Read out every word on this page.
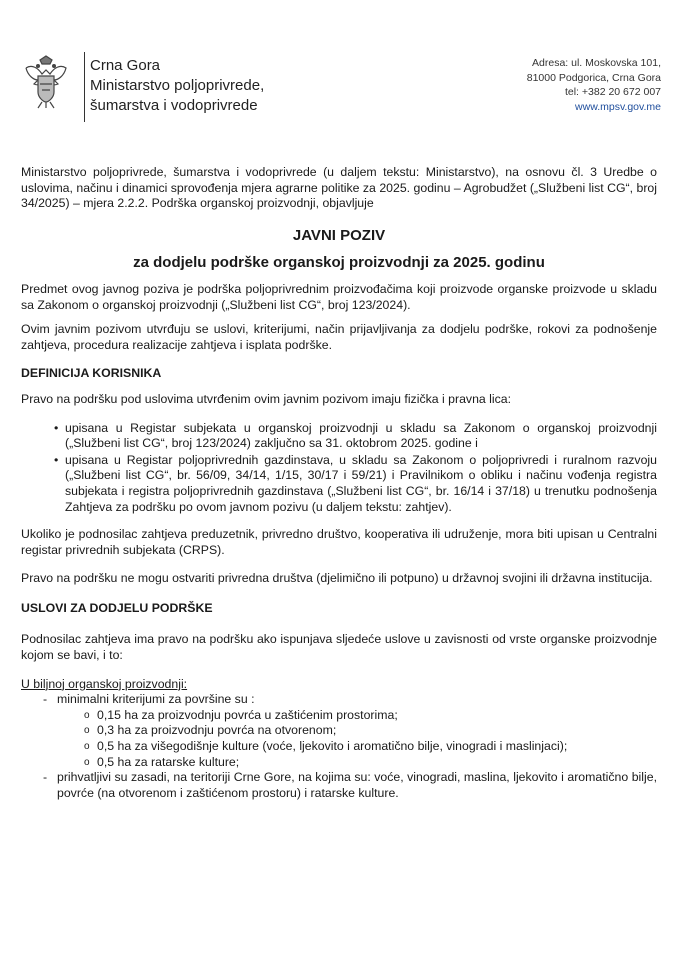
Crna Gora
Ministarstvo poljoprivrede,
šumarstva i vodoprivrede
Adresa: ul. Moskovska 101,
81000 Podgorica, Crna Gora
tel: +382 20 672 007
www.mpsv.gov.me

Ministarstvo poljoprivrede, šumarstva i vodoprivrede (u daljem tekstu: Ministarstvo), na osnovu čl. 3 Uredbe o uslovima, načinu i dinamici sprovođenja mjera agrarne politike za 2025. godinu – Agrobudžet („Službeni list CG“, broj 34/2025) – mjera 2.2.2. Podrška organskoj proizvodnji, objavljuje

JAVNI POZIV
za dodjelu podrške organskoj proizvodnji za 2025. godinu

Predmet ovog javnog poziva je podrška poljoprivrednim proizvođačima koji proizvode organske proizvode u skladu sa Zakonom o organskoj proizvodnji („Službeni list CG“, broj 123/2024).

Ovim javnim pozivom utvrđuju se uslovi, kriterijumi, način prijavljivanja za dodjelu podrške, rokovi za podnošenje zahtjeva, procedura realizacije zahtjeva i isplata podrške.

DEFINICIJA KORISNIKA

Pravo na podršku pod uslovima utvrđenim ovim javnim pozivom imaju fizička i pravna lica:

• upisana u Registar subjekata u organskoj proizvodnji u skladu sa Zakonom o organskoj proizvodnji („Službeni list CG“, broj 123/2024) zaključno sa 31. oktobrom 2025. godine i
• upisana u Registar poljoprivrednih gazdinstava, u skladu sa Zakonom o poljoprivredi i ruralnom razvoju („Službeni list CG“, br. 56/09, 34/14, 1/15, 30/17 i 59/21) i Pravilnikom o obliku i načinu vođenja registra subjekata i registra poljoprivrednih gazdinstava („Službeni list CG“, br. 16/14 i 37/18) u trenutku podnošenja Zahtjeva za podršku po ovom javnom pozivu (u daljem tekstu: zahtjev).

Ukoliko je podnosilac zahtjeva preduzetnik, privredno društvo, kooperativa ili udruženje, mora biti upisan u Centralni registar privrednih subjekata (CRPS).

Pravo na podršku ne mogu ostvariti privredna društva (djelimično ili potpuno) u državnoj svojini ili državna institucija.

USLOVI ZA DODJELU PODRŠKE

Podnosilac zahtjeva ima pravo na podršku ako ispunjava sljedeće uslove u zavisnosti od vrste organske proizvodnje kojom se bavi, i to:

U biljnoj organskoj proizvodnji:
- minimalni kriterijumi za površine su :
o 0,15 ha za proizvodnju povrća u zaštićenim prostorima;
o 0,3 ha za proizvodnju povrća na otvorenom;
o 0,5 ha za višegodišnje kulture (voće, ljekovito i aromatično bilje, vinogradi i maslinjaci);
o 0,5 ha za ratarske kulture;
- prihvatljivi su zasadi, na teritoriji Crne Gore, na kojima su: voće, vinogradi, maslina, ljekovito i aromatično bilje, povrće (na otvorenom i zaštićenom prostoru) i ratarske kulture.
